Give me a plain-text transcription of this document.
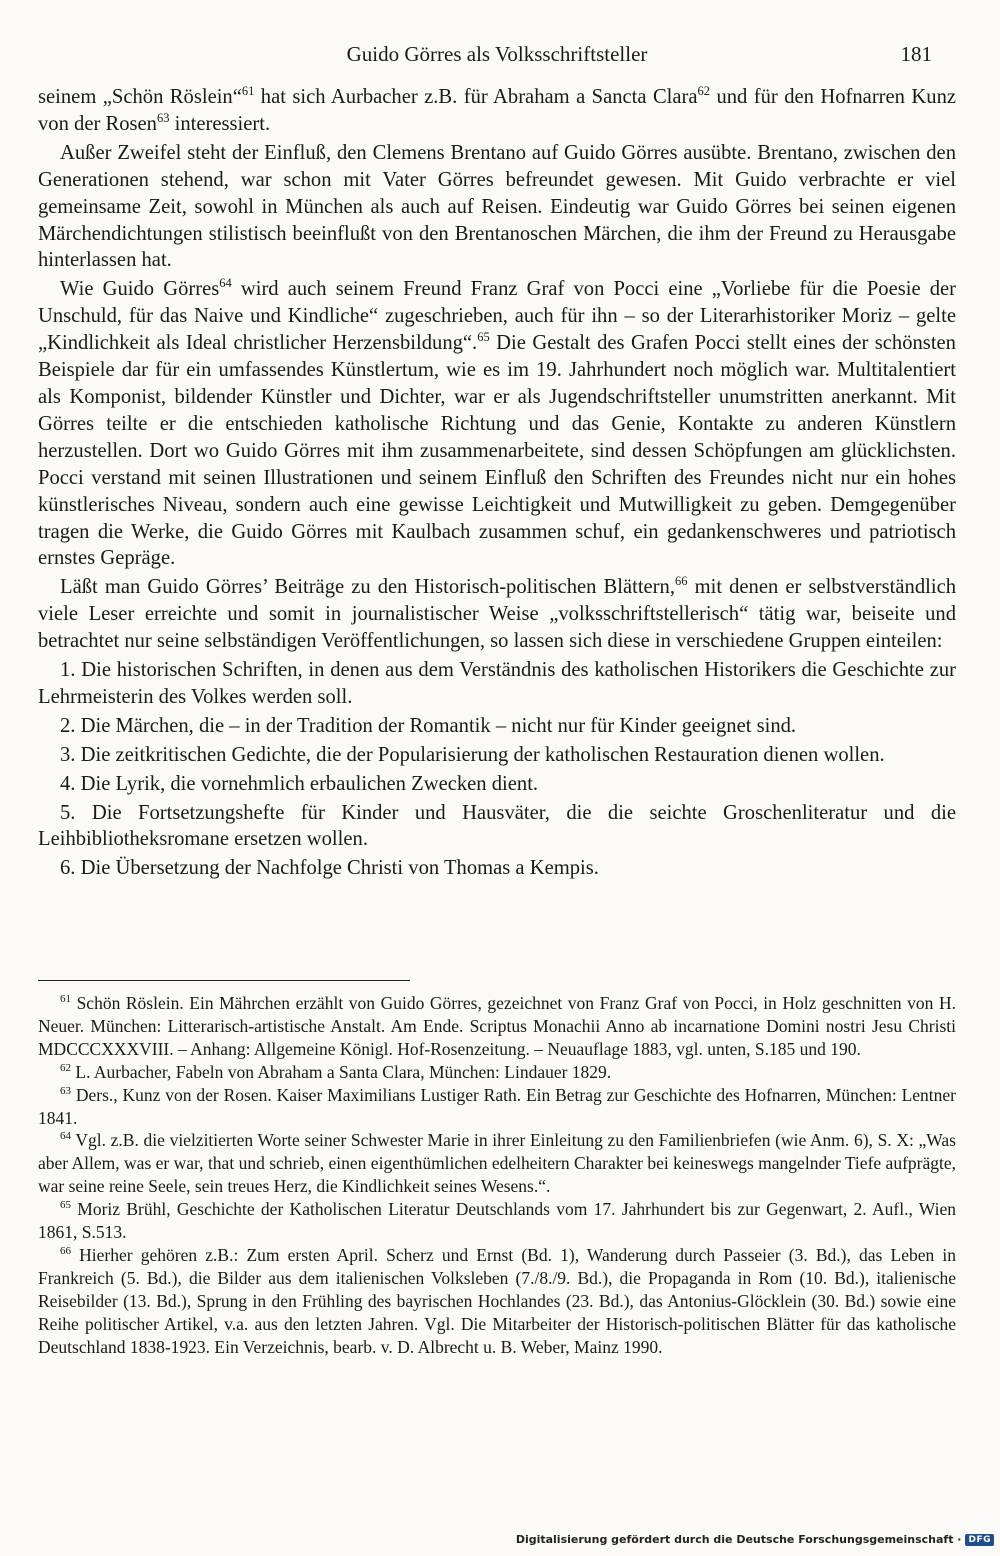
Guido Görres als Volksschriftsteller	181

seinem „Schön Röslein“$^{61}$ hat sich Aurbacher z.B. für Abraham a Sancta Clara$^{62}$ und für den Hofnarren Kunz von der Rosen$^{63}$ interessiert.

Außer Zweifel steht der Einfluß, den Clemens Brentano auf Guido Görres ausübte. Brentano, zwischen den Generationen stehend, war schon mit Vater Görres befreundet gewesen. Mit Guido verbrachte er viel gemeinsame Zeit, sowohl in München als auch auf Reisen. Eindeutig war Guido Görres bei seinen eigenen Märchendichtungen stilistisch beeinflußt von den Brentanoschen Märchen, die ihm der Freund zu Herausgabe hinterlassen hat.

Wie Guido Görres$^{64}$ wird auch seinem Freund Franz Graf von Pocci eine „Vorliebe für die Poesie der Unschuld, für das Naive und Kindliche“ zugeschrieben, auch für ihn – so der Literarhistoriker Moriz – gelte „Kindlichkeit als Ideal christlicher Herzensbildung“.$^{65}$ Die Gestalt des Grafen Pocci stellt eines der schönsten Beispiele dar für ein umfassendes Künstlertum, wie es im 19. Jahrhundert noch möglich war. Multitalentiert als Komponist, bildender Künstler und Dichter, war er als Jugendschriftsteller unumstritten anerkannt. Mit Görres teilte er die entschieden katholische Richtung und das Genie, Kontakte zu anderen Künstlern herzustellen. Dort wo Guido Görres mit ihm zusammenarbeitete, sind dessen Schöpfungen am glücklichsten. Pocci verstand mit seinen Illustrationen und seinem Einfluß den Schriften des Freundes nicht nur ein hohes künstlerisches Niveau, sondern auch eine gewisse Leichtigkeit und Mutwilligkeit zu geben. Demgegenüber tragen die Werke, die Guido Görres mit Kaulbach zusammen schuf, ein gedankenschweres und patriotisch ernstes Gepräge.

Läßt man Guido Görres’ Beiträge zu den Historisch-politischen Blättern,$^{66}$ mit denen er selbstverständlich viele Leser erreichte und somit in journalistischer Weise „volksschriftstellerisch“ tätig war, beiseite und betrachtet nur seine selbständigen Veröffentlichungen, so lassen sich diese in verschiedene Gruppen einteilen:

1. Die historischen Schriften, in denen aus dem Verständnis des katholischen Historikers die Geschichte zur Lehrmeisterin des Volkes werden soll.

2. Die Märchen, die – in der Tradition der Romantik – nicht nur für Kinder geeignet sind.

3. Die zeitkritischen Gedichte, die der Popularisierung der katholischen Restauration dienen wollen.

4. Die Lyrik, die vornehmlich erbaulichen Zwecken dient.

5. Die Fortsetzungshefte für Kinder und Hausväter, die die seichte Groschenliteratur und die Leihbibliotheksromane ersetzen wollen.

6. Die Übersetzung der Nachfolge Christi von Thomas a Kempis.

$^{61}$ Schön Röslein. Ein Mährchen erzählt von Guido Görres, gezeichnet von Franz Graf von Pocci, in Holz geschnitten von H. Neuer. München: Litterarisch-artistische Anstalt. Am Ende. Scriptus Monachii Anno ab incarnatione Domini nostri Jesu Christi MDCCCXXXVIII. – Anhang: Allgemeine Königl. Hof-Rosenzeitung. – Neuauflage 1883, vgl. unten, S.185 und 190.

$^{62}$ L. Aurbacher, Fabeln von Abraham a Santa Clara, München: Lindauer 1829.

$^{63}$ Ders., Kunz von der Rosen. Kaiser Maximilians Lustiger Rath. Ein Betrag zur Geschichte des Hofnarren, München: Lentner 1841.

$^{64}$ Vgl. z.B. die vielzitierten Worte seiner Schwester Marie in ihrer Einleitung zu den Familienbriefen (wie Anm. 6), S. X: „Was aber Allem, was er war, that und schrieb, einen eigenthümlichen edelheitern Charakter bei keineswegs mangelnder Tiefe aufprägte, war seine reine Seele, sein treues Herz, die Kindlichkeit seines Wesens.“.

$^{65}$ Moriz Brühl, Geschichte der Katholischen Literatur Deutschlands vom 17. Jahrhundert bis zur Gegenwart, 2. Aufl., Wien 1861, S.513.

$^{66}$ Hierher gehören z.B.: Zum ersten April. Scherz und Ernst (Bd. 1), Wanderung durch Passeier (3. Bd.), das Leben in Frankreich (5. Bd.), die Bilder aus dem italienischen Volksleben (7./8./9. Bd.), die Propaganda in Rom (10. Bd.), italienische Reisebilder (13. Bd.), Sprung in den Frühling des bayrischen Hochlandes (23. Bd.), das Antonius-Glöcklein (30. Bd.) sowie eine Reihe politischer Artikel, v.a. aus den letzten Jahren. Vgl. Die Mitarbeiter der Historisch-politischen Blätter für das katholische Deutschland 1838-1923. Ein Verzeichnis, bearb. v. D. Albrecht u. B. Weber, Mainz 1990.

Digitalisierung gefördert durch die Deutsche Forschungsgemeinschaft · DFG
